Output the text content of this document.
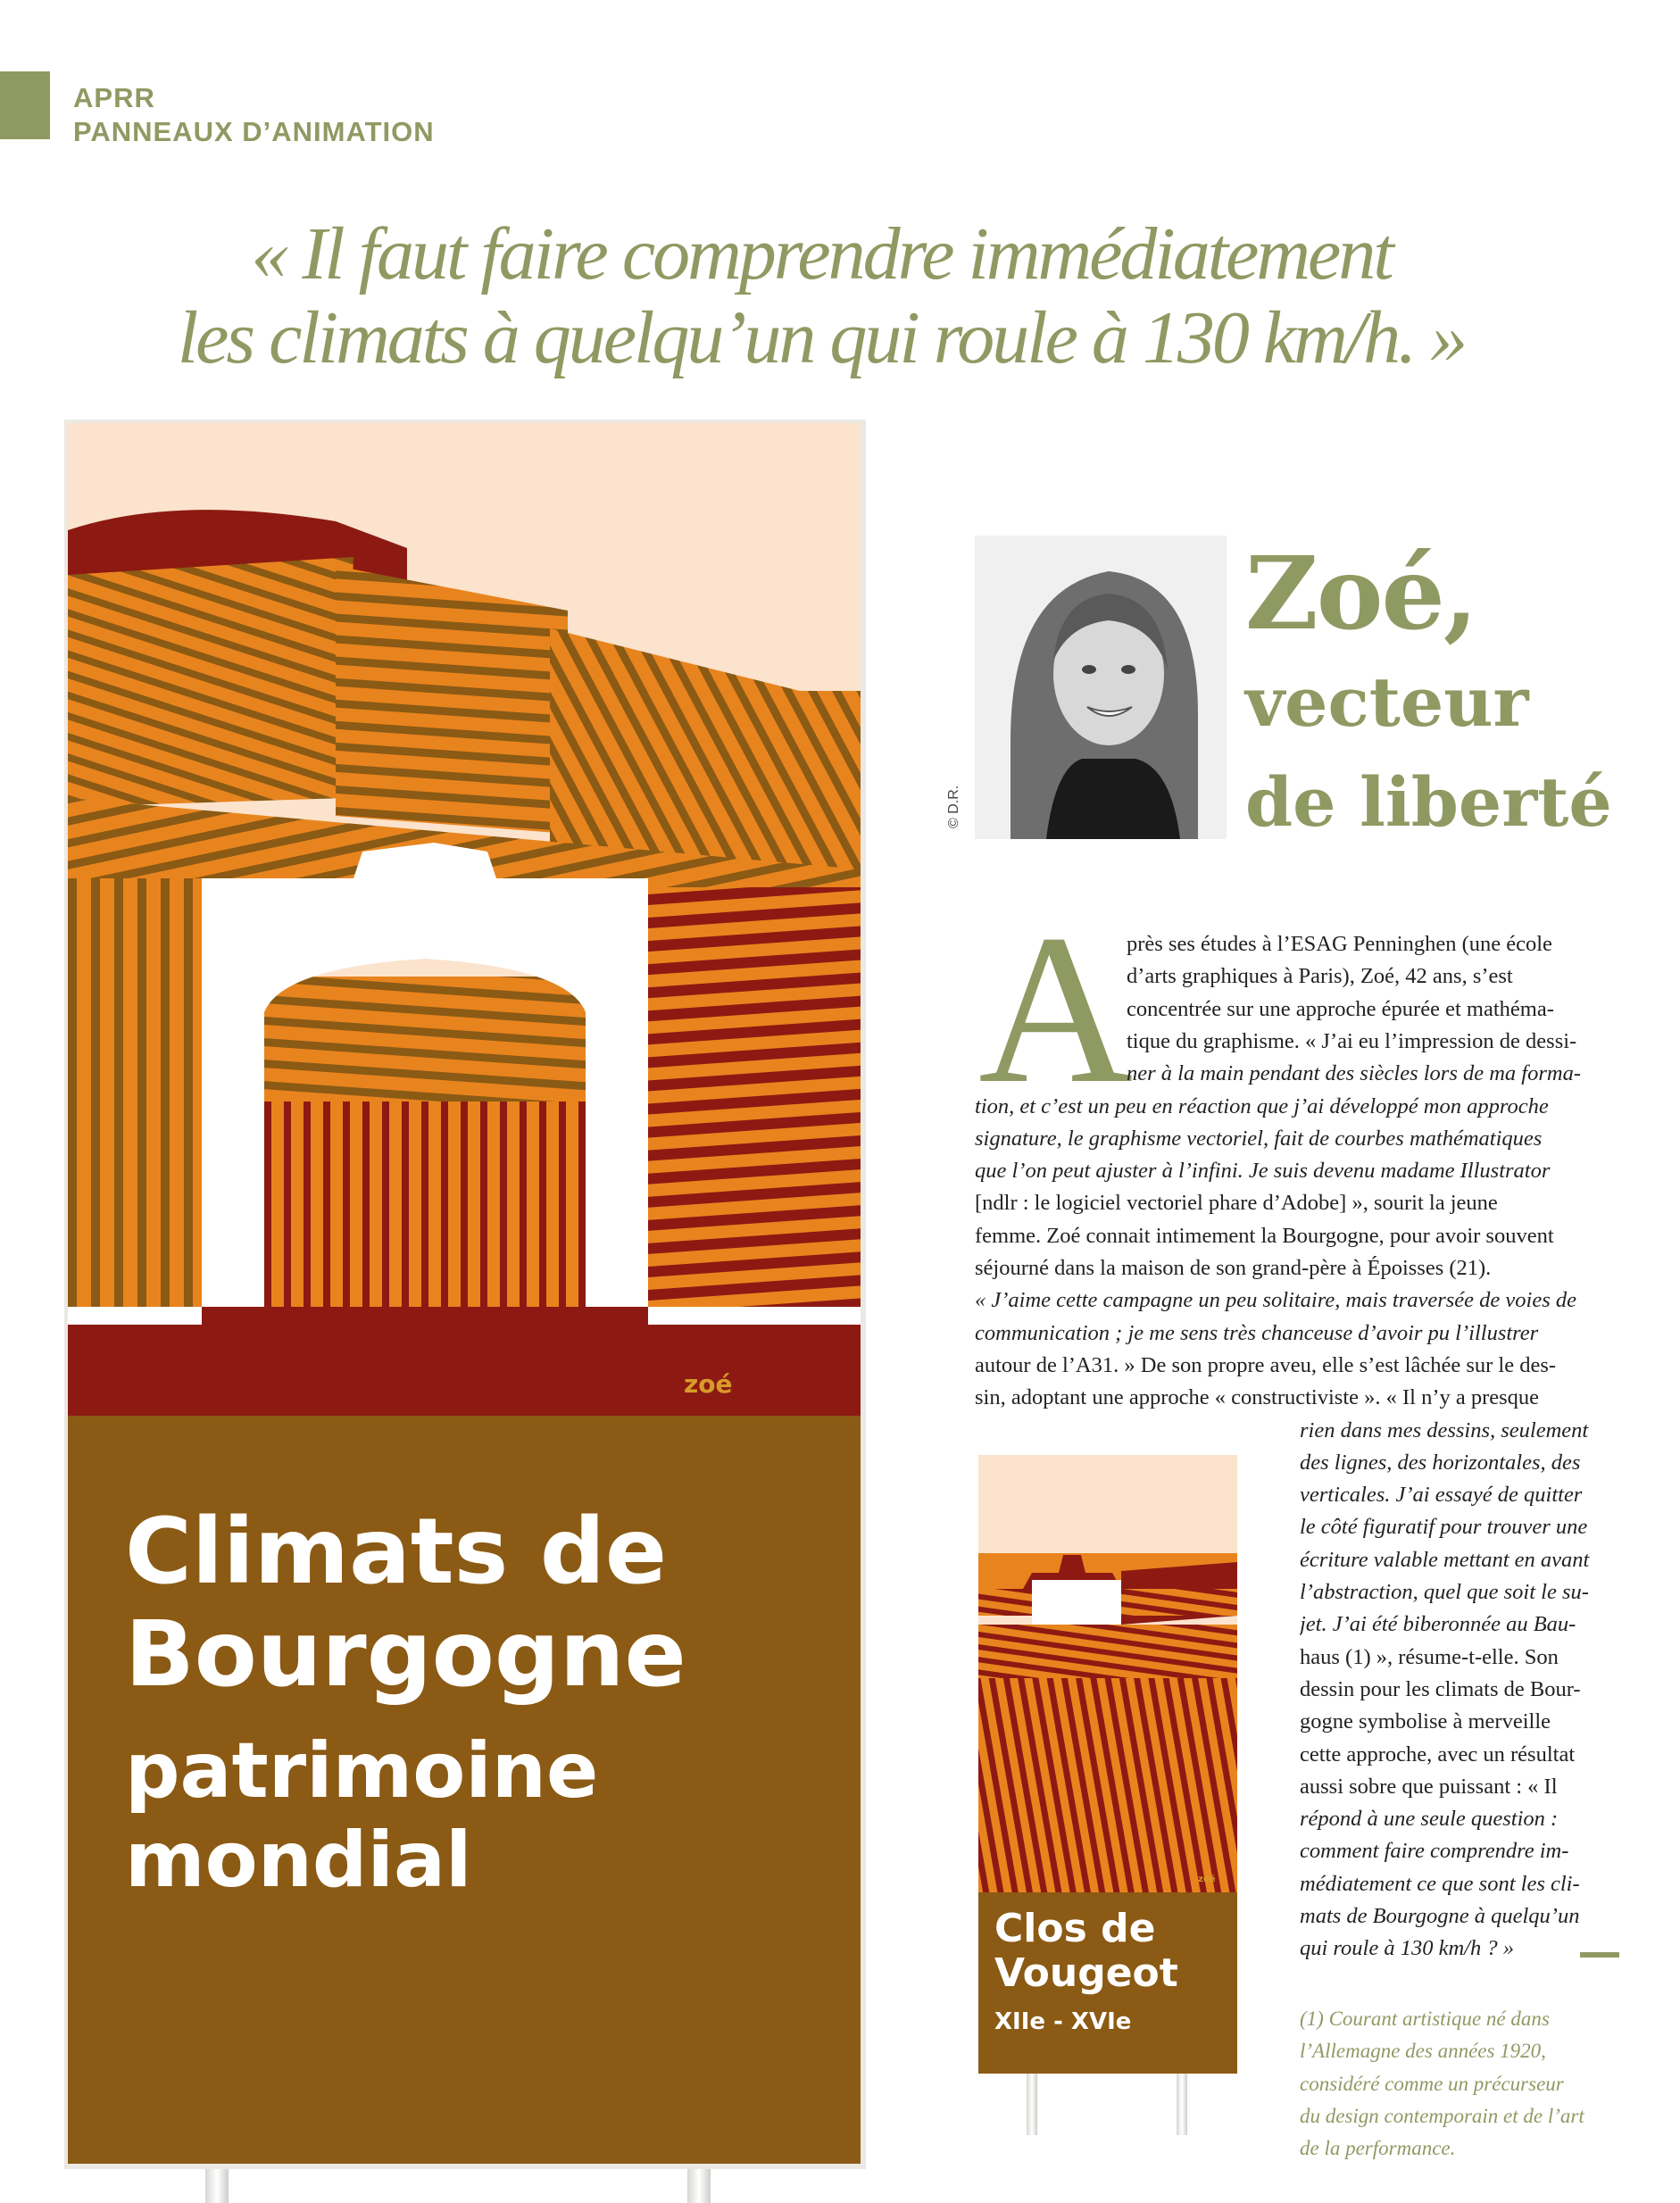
APRR
PANNEAUX D’ANIMATION
« Il faut faire comprendre immédiatement
les climats à quelqu’un qui roule à 130 km/h. »
zoé
Climats de
Bourgogne
patrimoine
mondial
© D.R.
Zoé,
vecteur
de liberté
A
près ses études à l’ESAG Penninghen (une école
d’arts graphiques à Paris), Zoé, 42 ans, s’est
concentrée sur une approche épurée et mathéma-
tique du graphisme. « J’ai eu l’impression de dessi-
ner à la main pendant des siècles lors de ma forma-
tion, et c’est un peu en réaction que j’ai développé mon approche
signature, le graphisme vectoriel, fait de courbes mathématiques
que l’on peut ajuster à l’infini. Je suis devenu madame Illustrator
[ndlr : le logiciel vectoriel phare d’Adobe] », sourit la jeune
femme. Zoé connait intimement la Bourgogne, pour avoir souvent
séjourné dans la maison de son grand-père à Époisses (21).
« J’aime cette campagne un peu solitaire, mais traversée de voies de
communication ; je me sens très chanceuse d’avoir pu l’illustrer
autour de l’A31. » De son propre aveu, elle s’est lâchée sur le des-
sin, adoptant une approche « constructiviste ». « Il n’y a presque
rien dans mes dessins, seulement
des lignes, des horizontales, des
verticales. J’ai essayé de quitter
le côté figuratif pour trouver une
écriture valable mettant en avant
l’abstraction, quel que soit le su-
jet. J’ai été biberonnée au Bau-
haus (1) », résume-t-elle. Son
dessin pour les climats de Bour-
gogne symbolise à merveille
cette approche, avec un résultat
aussi sobre que puissant : « Il
répond à une seule question :
comment faire comprendre im-
médiatement ce que sont les cli-
mats de Bourgogne à quelqu’un
qui roule à 130 km/h ? »
(1) Courant artistique né dans
l’Allemagne des années 1920,
considéré comme un précurseur
du design contemporain et de l’art
de la performance.
zoé
Clos de
Vougeot
XIIe - XVIe
